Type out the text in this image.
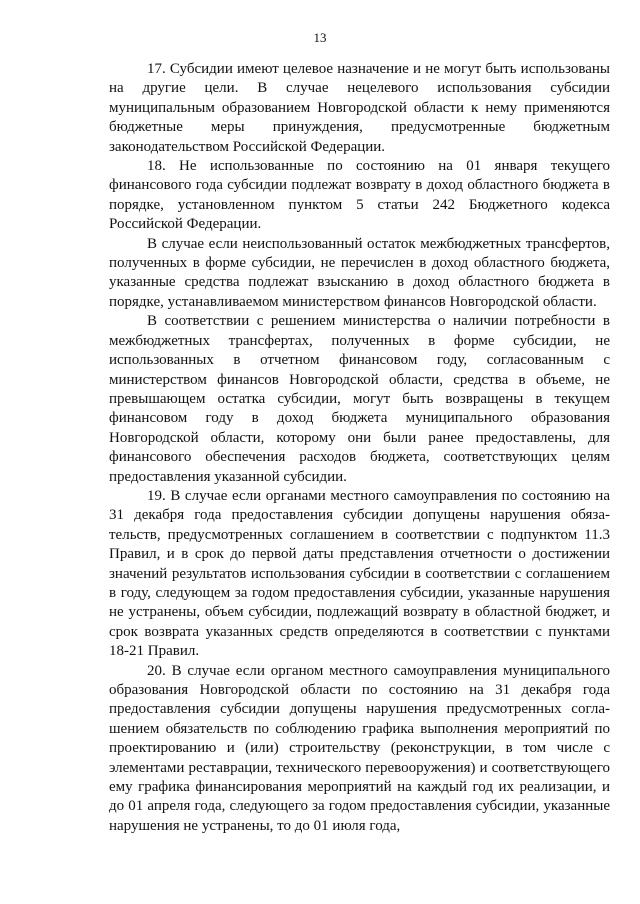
13

17. Субсидии имеют целевое назначение и не могут быть использованы на другие цели. В случае нецелевого использования субсидии муниципальным образованием Новгородской области к нему применяются бюджетные меры принуждения, предусмотренные бюджетным законодательством Российской Федерации.

18. Не использованные по состоянию на 01 января текущего финансового года субсидии подлежат возврату в доход областного бюджета в порядке, установленном пунктом 5 статьи 242 Бюджетного кодекса Российской Федерации.

В случае если неиспользованный остаток межбюджетных трансфертов, полученных в форме субсидии, не перечислен в доход областного бюджета, указанные средства подлежат взысканию в доход областного бюджета в порядке, устанавливаемом министерством финансов Новгородской области.

В соответствии с решением министерства о наличии потребности в межбюджетных трансфертах, полученных в форме субсидии, не использованных в отчетном финансовом году, согласованным с министерством финансов Новгородской области, средства в объеме, не превышающем остатка субсидии, могут быть возвращены в текущем финансовом году в доход бюджета муниципального образования Новгородской области, которому они были ранее предоставлены, для финансового обеспечения расходов бюджета, соответствующих целям предоставления указанной субсидии.

19. В случае если органами местного самоуправления по состоянию на 31 декабря года предоставления субсидии допущены нарушения обязательств, предусмотренных соглашением в соответствии с подпунктом 11.3 Правил, и в срок до первой даты представления отчетности о достижении значений результатов использования субсидии в соответствии с соглашением в году, следующем за годом предоставления субсидии, указанные нарушения не устранены, объем субсидии, подлежащий возврату в областной бюджет, и срок возврата указанных средств определяются в соответствии с пунктами 18-21 Правил.

20. В случае если органом местного самоуправления муниципального образования Новгородской области по состоянию на 31 декабря года предоставления субсидии допущены нарушения предусмотренных соглашением обязательств по соблюдению графика выполнения мероприятий по проектированию и (или) строительству (реконструкции, в том числе с элементами реставрации, технического перевооружения) и соответствующего ему графика финансирования мероприятий на каждый год их реализации, и до 01 апреля года, следующего за годом предоставления субсидии, указанные нарушения не устранены, то до 01 июля года,
